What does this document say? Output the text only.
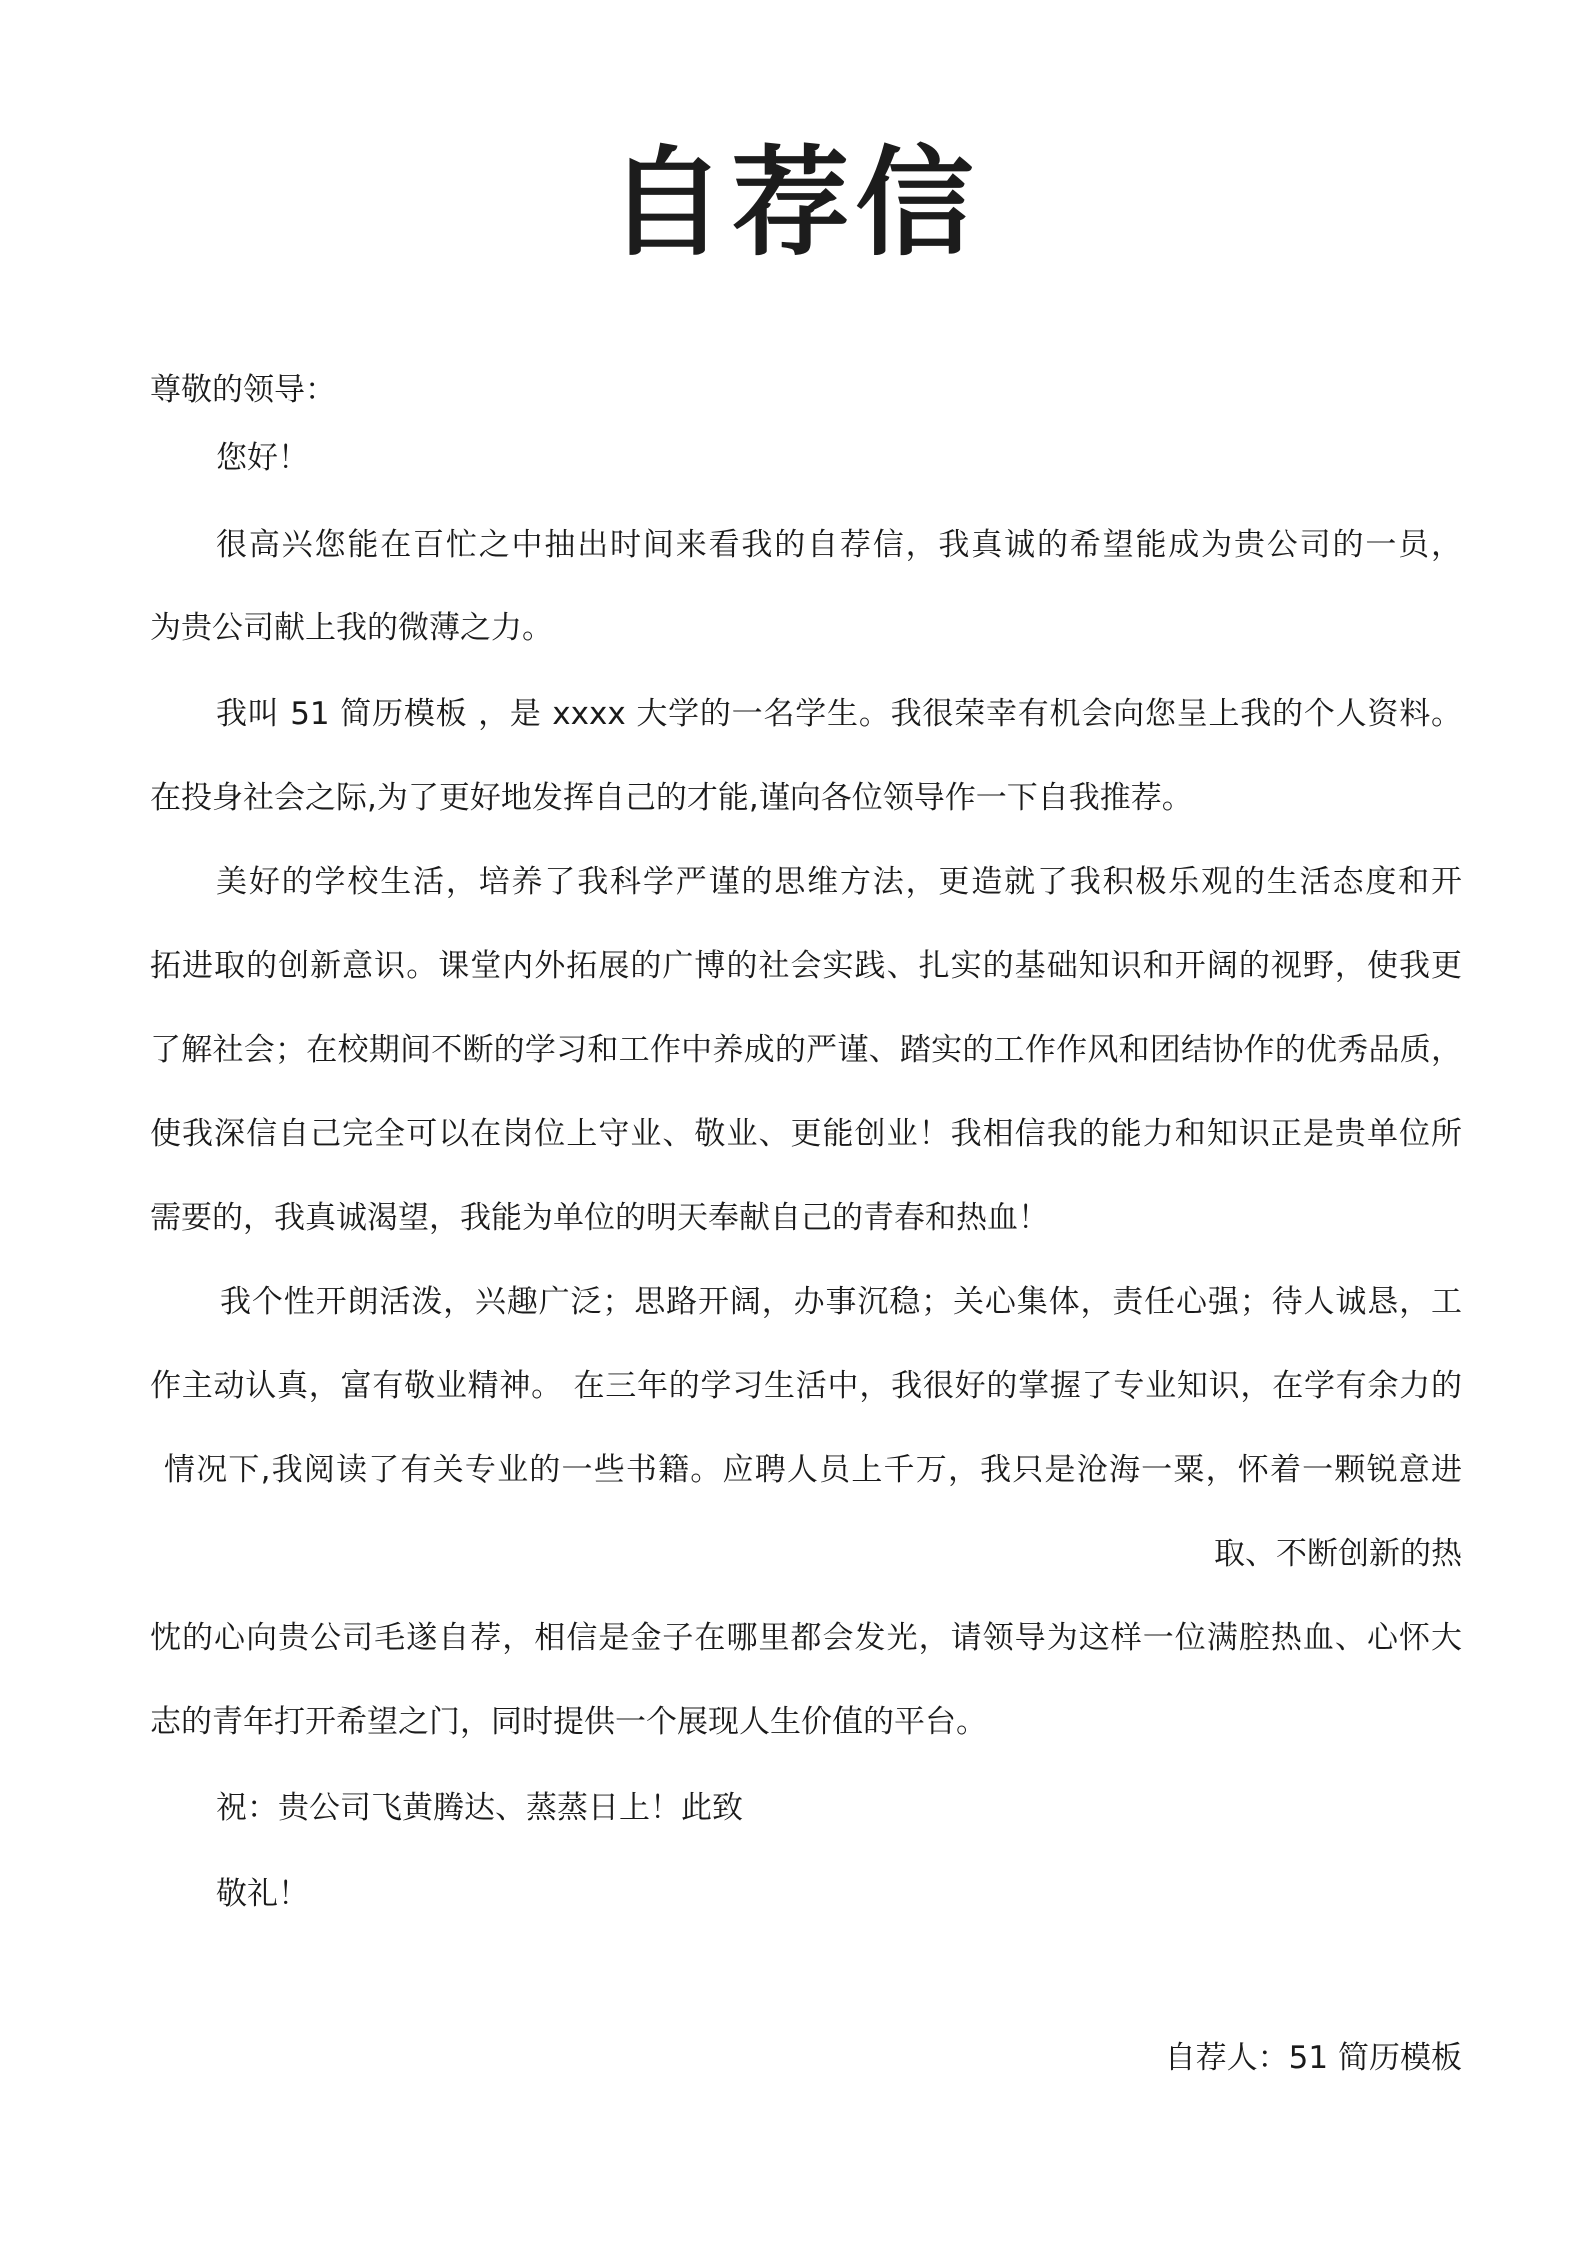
自荐信
尊敬的领导：
您好！
很高兴您能在百忙之中抽出时间来看我的自荐信，我真诚的希望能成为贵公司的一员，
为贵公司献上我的微薄之力。
我叫 51 简历模板 ，是 xxxx 大学的一名学生。我很荣幸有机会向您呈上我的个人资料。
在投身社会之际,为了更好地发挥自己的才能,谨向各位领导作一下自我推荐。
美好的学校生活，培养了我科学严谨的思维方法，更造就了我积极乐观的生活态度和开
拓进取的创新意识。课堂内外拓展的广博的社会实践、扎实的基础知识和开阔的视野，使我更
了解社会；在校期间不断的学习和工作中养成的严谨、踏实的工作作风和团结协作的优秀品质，
使我深信自己完全可以在岗位上守业、敬业、更能创业！我相信我的能力和知识正是贵单位所
需要的，我真诚渴望，我能为单位的明天奉献自己的青春和热血！
我个性开朗活泼，兴趣广泛；思路开阔，办事沉稳；关心集体，责任心强；待人诚恳，工
作主动认真，富有敬业精神。 在三年的学习生活中，我很好的掌握了专业知识，在学有余力的
情况下,我阅读了有关专业的一些书籍。应聘人员上千万，我只是沧海一粟，怀着一颗锐意进
取、不断创新的热
忱的心向贵公司毛遂自荐，相信是金子在哪里都会发光，请领导为这样一位满腔热血、心怀大
志的青年打开希望之门，同时提供一个展现人生价值的平台。
祝：贵公司飞黄腾达、蒸蒸日上！此致
敬礼！
自荐人：51 简历模板
